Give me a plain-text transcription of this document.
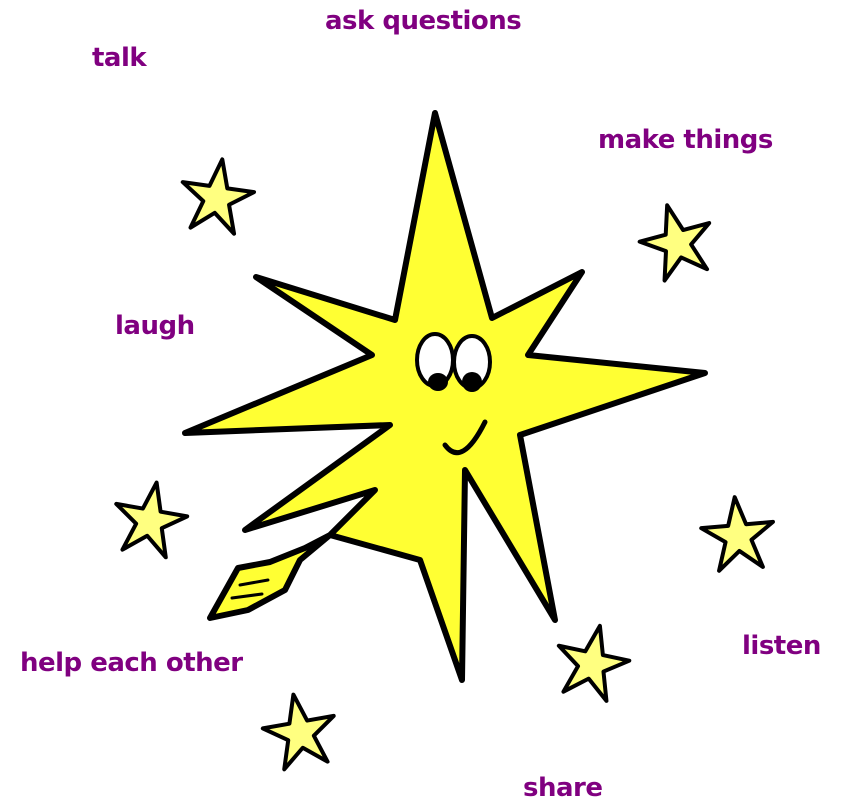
ask questions
talk
make things
laugh
help each other
listen
share
